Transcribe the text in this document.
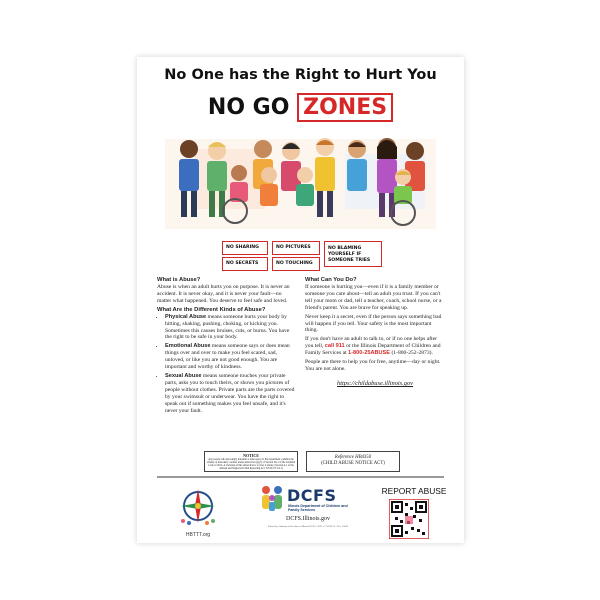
No One has the Right to Hurt You
NO GO ZONES
NO SHARING	NO PICTURES	NO BLAMING YOURSELF IF SOMEONE TRIES
NO SECRETS	NO TOUCHING
What is Abuse?

Abuse is when an adult hurts you on purpose. It is never an accident. It is never okay, and it is never your fault—no matter what happened. You deserve to feel safe and loved.

What Are the Different Kinds of Abuse?
• Physical Abuse means someone hurts your body by hitting, shaking, pushing, choking, or kicking you. Sometimes this causes bruises, cuts, or burns. You have the right to be safe in your body.
• Emotional Abuse means someone says or does mean things over and over to make you feel scared, sad, unloved, or like you are not good enough. You are important and worthy of kindness.
• Sexual Abuse means someone touches your private parts, asks you to touch theirs, or shows you pictures of people without clothes. Private parts are the parts covered by your swimsuit or underwear. You have the right to speak out if something makes you feel unsafe, and it's never your fault.
What Can You Do?

If someone is hurting you—even if it is a family member or someone you care about—tell an adult you trust. If you can't tell your mom or dad, tell a teacher, coach, school nurse, or a friend's parent. You are brave for speaking up.

Never keep it a secret, even if the person says something bad will happen if you tell. Your safety is the most important thing.

If you don't have an adult to talk to, or if no one helps after you tell, call 911 or the Illinois Department of Children and Family Services at 1-800-25ABUSE (1-800-252-2873).

People are there to help you for free, anytime—day or night. You are not alone.

https://childabuse.illinois.gov
NOTICE
Any person who knowingly transmits a false report to the department commits the offense of disorderly conduct under subsection (a)(7) of Section 26-1 of the Criminal Code of 2012. A violation of this subsection is a Class 4 felony. (Section 4.1 of the Abused and Neglected Child Reporting Act; 325 ILCS 5/4.1)
Reference HB4350
(CHILD ABUSE NOTICE ACT)
HBTTT.org
DCFS
Illinois Department of Children and Family Services
DCFS.Illinois.gov
Printed by Authority of the State of Illinois DCFS • 2025 • CANTS 22 • Rev 1/2025
REPORT ABUSE
